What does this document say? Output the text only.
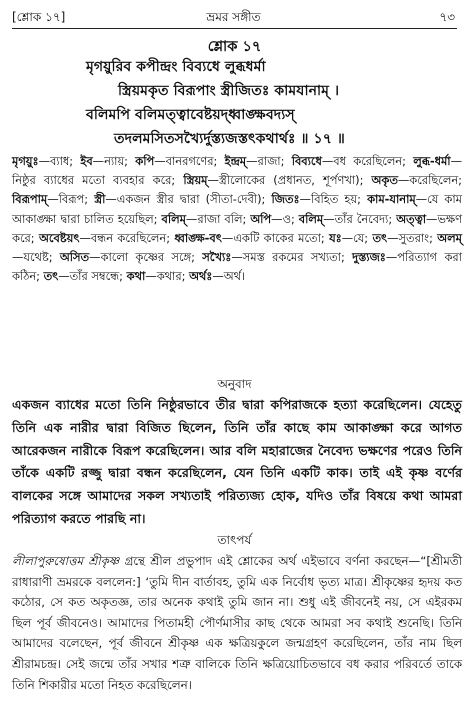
[শ্লোক ১৭]	ভ্রমর সঙ্গীত	৭৩
শ্লোক ১৭
মৃগয়ুরিব কপীন্দ্রং বিব্যধে লুব্ধধর্মা
স্ত্রিয়মকৃত বিরূপাং স্ত্রীজিতঃ কামযানাম্ ।
বলিমপি বলিমত্ত্বাবেষ্টয়দ্ধ্বাঙ্ক্ষবদ্যস্
তদলমসিতসখ্যৈর্দুস্ত্যজস্তৎকথার্থঃ ॥ ১৭ ॥
মৃগয়ুঃ—ব্যাধ; ইব—ন্যায়; কপি—বানরগণের; ইন্দ্রম্—রাজা; বিব্যধে—বধ করেছিলেন; লুব্ধ-ধর্মা—নিষ্ঠুর ব্যাধের মতো ব্যবহার করে; স্ত্রিয়ম্—স্ত্রীলোকের (প্রধানত, শূর্পণখা); অকৃত—করেছিলেন; বিরূপাম্—বিরূপ; স্ত্রী—একজন স্ত্রীর দ্বারা (সীতা-দেবী); জিতঃ—বিহিত হয়; কাম-যানাম্—যে কাম আকাঙ্ক্ষা দ্বারা চালিত হয়েছিল; বলিম্—রাজা বলি; অপি—ও; বলিম্—তাঁর নৈবেদ্য; অত্ত্বা—ভক্ষণ করে; অবেষ্টয়ৎ—বন্ধন করেছিলেন; ধ্বাঙ্ক্ষ-বৎ—একটি কাকের মতো; যঃ—যে; তৎ—সুতরাং; অলম্—যথেষ্ট; অসিত—কালো কৃষ্ণের সঙ্গে; সখ্যৈঃ—সমস্ত রকমের সখ্যতা; দুস্ত্যজঃ—পরিত্যাগ করা কঠিন; তৎ—তাঁর সম্বন্ধে; কথা—কথার; অর্থঃ—অর্থ।
অনুবাদ
একজন ব্যাধের মতো তিনি নিষ্ঠুরভাবে তীর দ্বারা কপিরাজকে হত্যা করেছিলেন। যেহেতু তিনি এক নারীর দ্বারা বিজিত ছিলেন, তিনি তাঁর কাছে কাম আকাঙ্ক্ষা করে আগত আরেকজন নারীকে বিরূপ করেছিলেন। আর বলি মহারাজের নৈবেদ্য ভক্ষণের পরেও তিনি তাঁকে একটি রজ্জু দ্বারা বন্ধন করেছিলেন, যেন তিনি একটি কাক। তাই এই কৃষ্ণ বর্ণের বালকের সঙ্গে আমাদের সকল সখ্যতাই পরিত্যজ্য হোক, যদিও তাঁর বিষয়ে কথা আমরা পরিত্যাগ করতে পারছি না।
তাৎপর্য
লীলাপুরুষোত্তম শ্রীকৃষ্ণ গ্রন্থে শ্রীল প্রভুপাদ এই শ্লোকের অর্থ এইভাবে বর্ণনা করছেন—“[শ্রীমতী রাধারাণী ভ্রমরকে বললেন:] ‘তুমি দীন বার্তাবহ, তুমি এক নির্বোধ ভৃত্য মাত্র। শ্রীকৃষ্ণের হৃদয় কত কঠোর, সে কত অকৃতজ্ঞ, তার অনেক কথাই তুমি জান না। শুধু এই জীবনেই নয়, সে এইরকম ছিল পূর্ব জীবনেও। আমাদের পিতামহী পৌর্ণমাসীর কাছ থেকে আমরা সব কথাই শুনেছি। তিনি আমাদের বলেছেন, পূর্ব জীবনে শ্রীকৃষ্ণ এক ক্ষত্রিয়কুলে জন্মগ্রহণ করেছিলেন, তাঁর নাম ছিল শ্রীরামচন্দ্র। সেই জন্মে তাঁর সখার শত্রু বালিকে তিনি ক্ষত্রিয়োচিতভাবে বধ করার পরিবর্তে তাকে তিনি শিকারীর মতো নিহত করেছিলেন।
